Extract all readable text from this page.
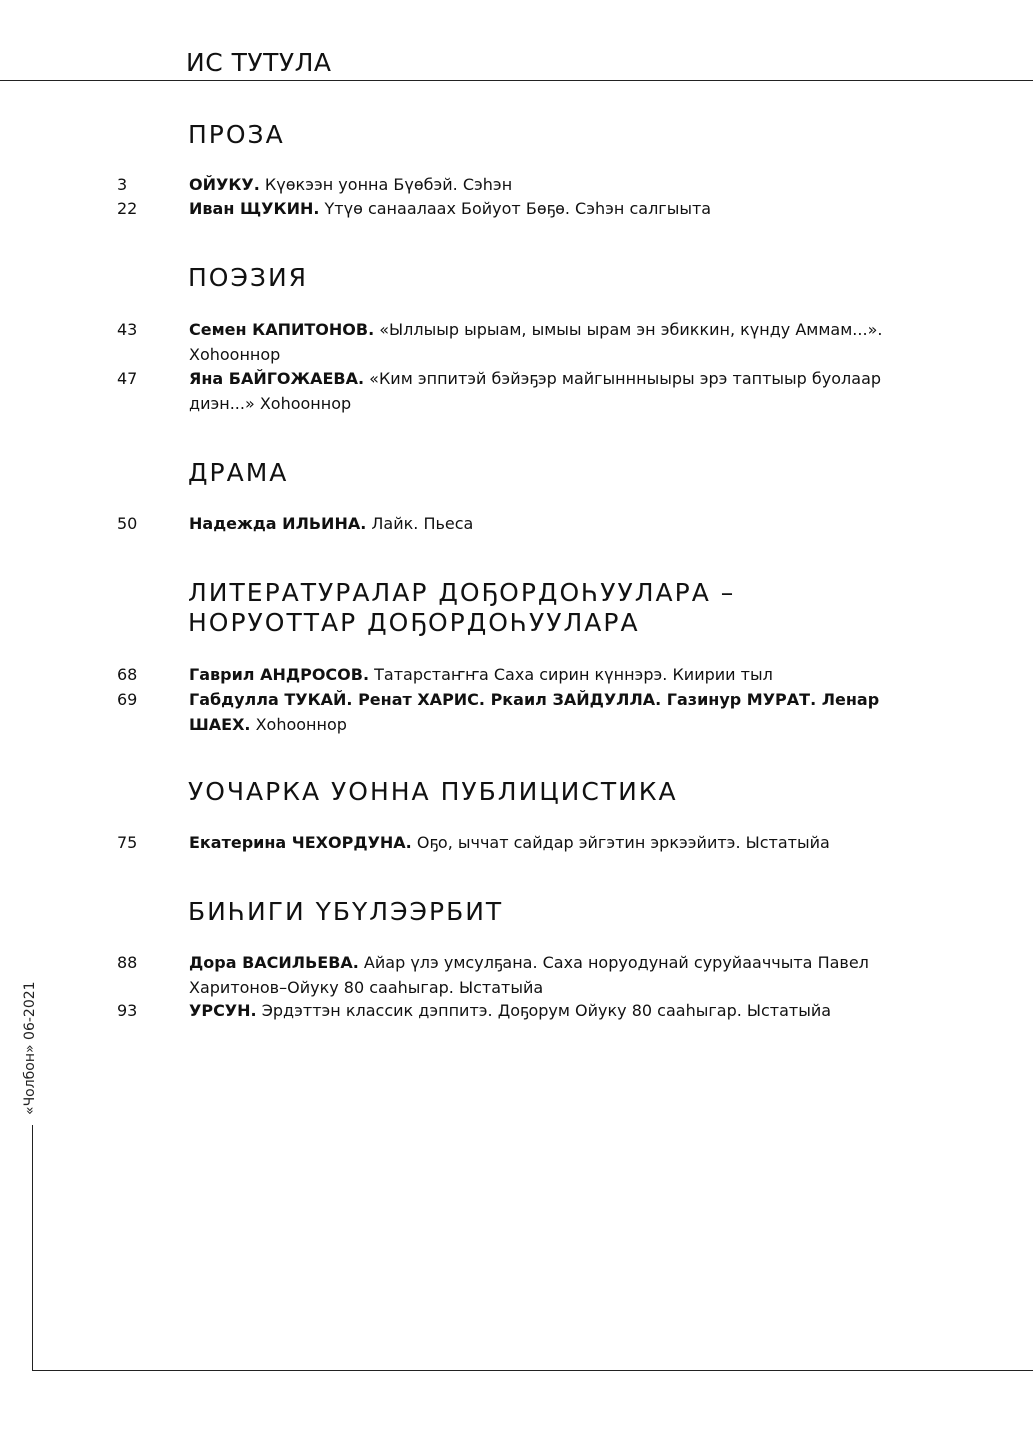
ИС ТУТУЛА
ПРОЗА
3	ОЙУКУ. Күөкээн уонна Бүөбэй. Сэһэн
22	Иван ЩУКИН. Үтүө санаалаах Бойуот Бөҕө. Сэһэн салгыыта
ПОЭЗИЯ
43	Семен КАПИТОНОВ. «Ыллыыр ырыам, ымыы ырам эн эбиккин, күнду Аммам...». Хоһооннор
47	Яна БАЙГОЖАЕВА. «Ким эппитэй бэйэҕэр майгыннныыры эрэ таптыыр буолаар диэн...» Хоһооннор
ДРАМА
50	Надежда ИЛЬИНА. Лайк. Пьеса
ЛИТЕРАТУРАЛАР ДОҔОРДОҺУУЛАРА – НОРУОТТАР ДОҔОРДОҺУУЛАРА
68	Гаврил АНДРОСОВ. Татарстаҥҥа Саха сирин күннэрэ. Киирии тыл
69	Габдулла ТУКАЙ. Ренат ХАРИС. Ркаил ЗАЙДУЛЛА. Газинур МУРАТ. Ленар ШАЕХ. Хоһооннор
УОЧАРКА УОННА ПУБЛИЦИСТИКА
75	Екатерина ЧЕХОРДУНА. Оҕо, ыччат сайдар эйгэтин эркээйитэ. Ыстатыйа
БИҺИГИ ҮБҮЛЭЭРБИТ
88	Дора ВАСИЛЬЕВА. Айар үлэ умсулҕана. Саха норуодунай суруйааччыта Павел Харитонов–Ойуку 80 сааһыгар. Ыстатыйа
93	УРСУН. Эрдэттэн классик дэппитэ. Доҕорум Ойуку 80 сааһыгар. Ыстатыйа
«Чолбон» 06-2021
